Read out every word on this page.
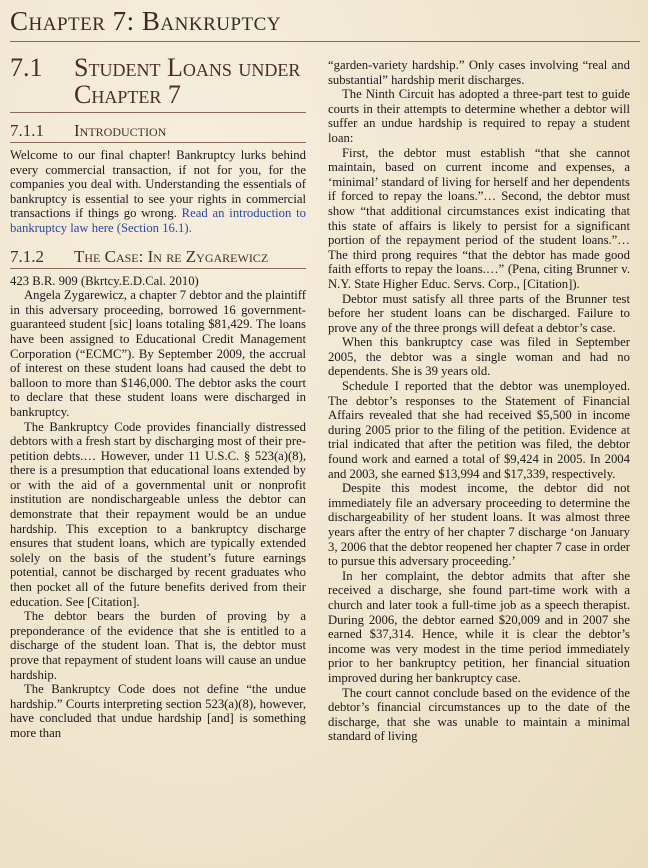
Chapter 7: Bankruptcy
7.1	Student Loans under Chapter 7
7.1.1	Introduction

Welcome to our final chapter! Bankruptcy lurks behind every commercial transaction, if not for you, for the companies you deal with. Understanding the essentials of bankruptcy is essential to see your rights in commercial transactions if things go wrong. Read an introduction to bankruptcy law here (Section 16.1).

7.1.2	The Case: In re Zygarewicz

423 B.R. 909 (Bkrtcy.E.D.Cal. 2010)

Angela Zygarewicz, a chapter 7 debtor and the plaintiff in this adversary proceeding, borrowed 16 government-guaranteed student [sic] loans totaling $81,429. The loans have been assigned to Educational Credit Management Corporation (“ECMC”). By September 2009, the accrual of interest on these student loans had caused the debt to balloon to more than $146,000. The debtor asks the court to declare that these student loans were discharged in bankruptcy.

The Bankruptcy Code provides financially distressed debtors with a fresh start by discharging most of their pre-petition debts.… However, under 11 U.S.C. § 523(a)(8), there is a presumption that educational loans extended by or with the aid of a governmental unit or nonprofit institution are nondischargeable unless the debtor can demonstrate that their repayment would be an undue hardship. This exception to a bankruptcy discharge ensures that student loans, which are typically extended solely on the basis of the student’s future earnings potential, cannot be discharged by recent graduates who then pocket all of the future benefits derived from their education. See [Citation].

The debtor bears the burden of proving by a preponderance of the evidence that she is entitled to a discharge of the student loan. That is, the debtor must prove that repayment of student loans will cause an undue hardship.

The Bankruptcy Code does not define “the undue hardship.” Courts interpreting section 523(a)(8), however, have concluded that undue hardship [and] is something more than

“garden-variety hardship.” Only cases involving “real and substantial” hardship merit discharges.

The Ninth Circuit has adopted a three-part test to guide courts in their attempts to determine whether a debtor will suffer an undue hardship is required to repay a student loan:

First, the debtor must establish “that she cannot maintain, based on current income and expenses, a ‘minimal’ standard of living for herself and her dependents if forced to repay the loans.”… Second, the debtor must show “that additional circumstances exist indicating that this state of affairs is likely to persist for a significant portion of the repayment period of the student loans.”… The third prong requires “that the debtor has made good faith efforts to repay the loans.…” (Pena, citing Brunner v. N.Y. State Higher Educ. Servs. Corp., [Citation]).

Debtor must satisfy all three parts of the Brunner test before her student loans can be discharged. Failure to prove any of the three prongs will defeat a debtor’s case.

When this bankruptcy case was filed in September 2005, the debtor was a single woman and had no dependents. She is 39 years old.

Schedule I reported that the debtor was unemployed. The debtor’s responses to the Statement of Financial Affairs revealed that she had received $5,500 in income during 2005 prior to the filing of the petition. Evidence at trial indicated that after the petition was filed, the debtor found work and earned a total of $9,424 in 2005. In 2004 and 2003, she earned $13,994 and $17,339, respectively.

Despite this modest income, the debtor did not immediately file an adversary proceeding to determine the dischargeability of her student loans. It was almost three years after the entry of her chapter 7 discharge ‘on January 3, 2006 that the debtor reopened her chapter 7 case in order to pursue this adversary proceeding.’

In her complaint, the debtor admits that after she received a discharge, she found part-time work with a church and later took a full-time job as a speech therapist. During 2006, the debtor earned $20,009 and in 2007 she earned $37,314. Hence, while it is clear the debtor’s income was very modest in the time period immediately prior to her bankruptcy petition, her financial situation improved during her bankruptcy case.

The court cannot conclude based on the evidence of the debtor’s financial circumstances up to the date of the discharge, that she was unable to maintain a minimal standard of living
